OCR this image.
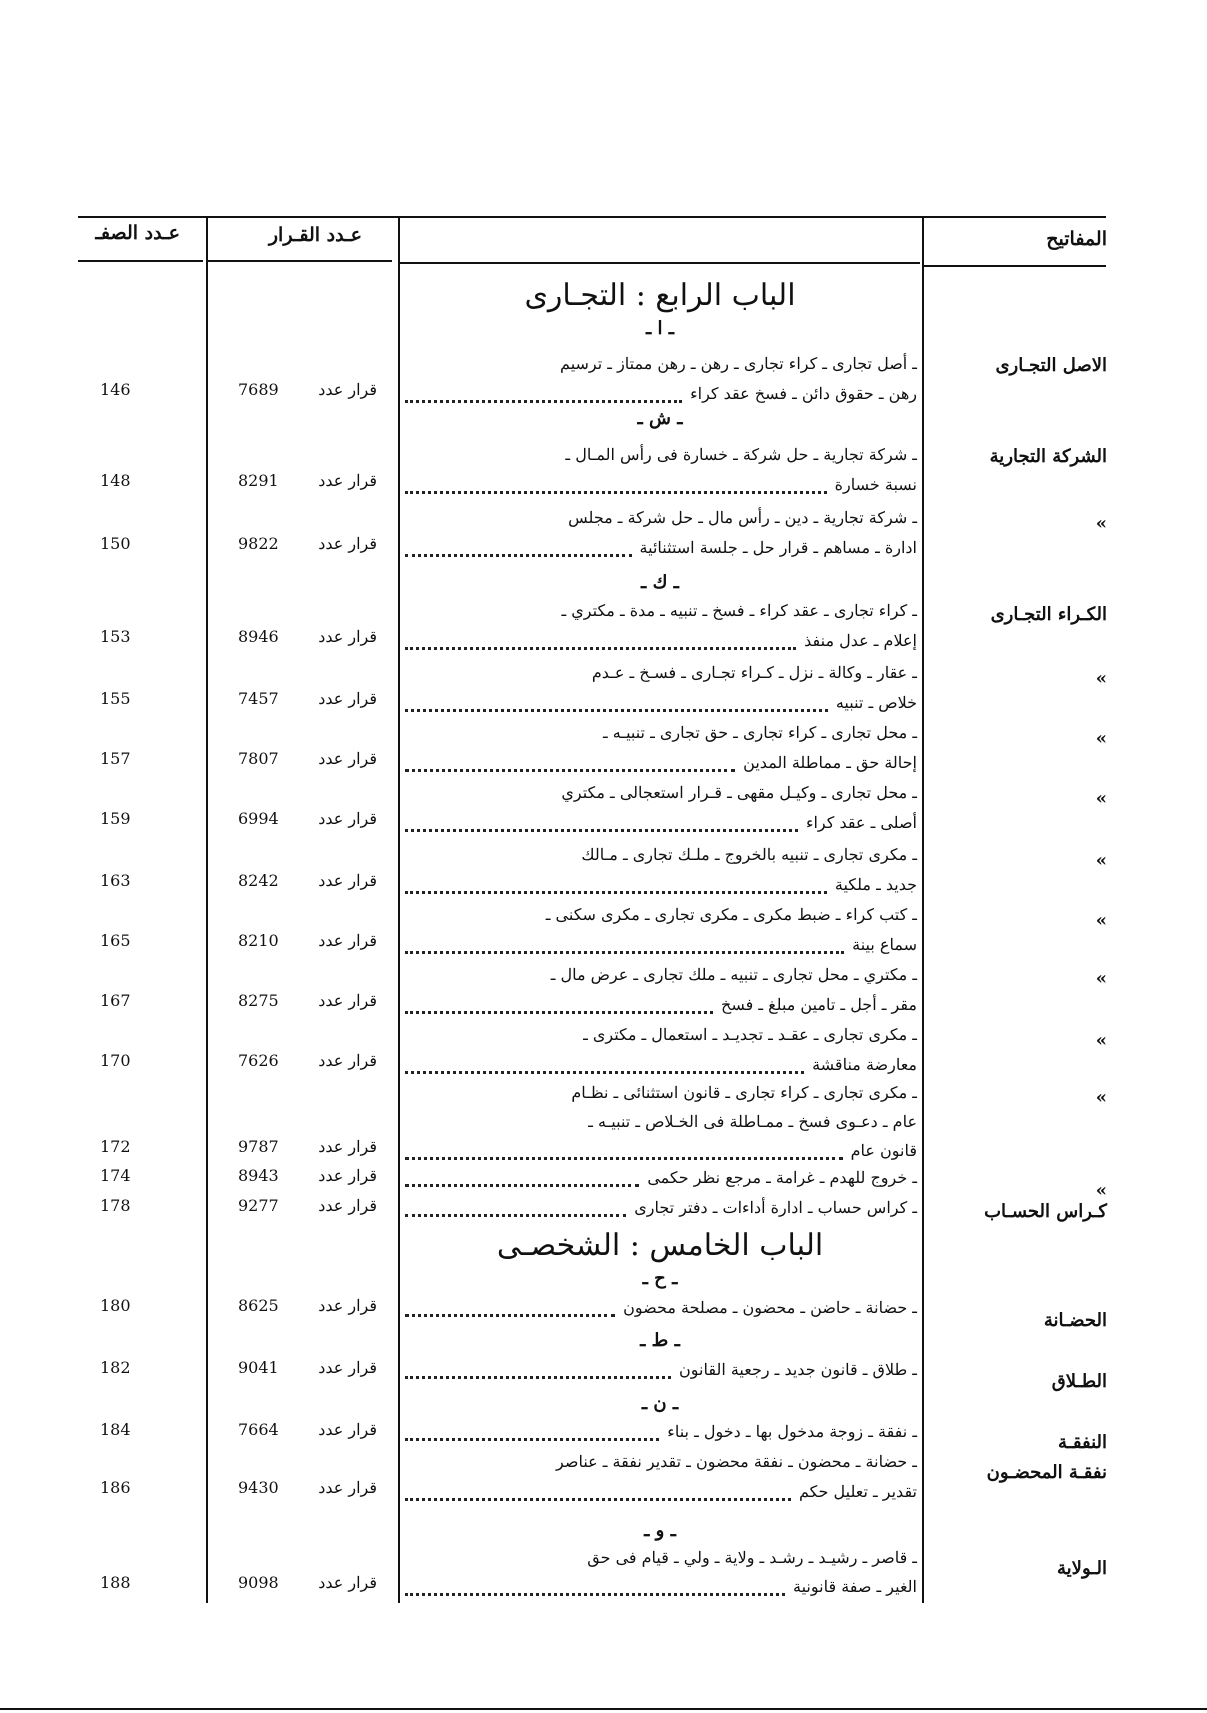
المفاتيح
عـدد القـرار
عـدد الصفـ
الباب الرابع : التجـارى
الباب الخامس : الشخصـى
ـ ا ـ
ـ ش ـ
ـ ك ـ
ـ ح ـ
ـ ط ـ
ـ ن ـ
ـ و ـ
الاصل التجـارى
ـ أصل تجارى ـ كراء تجارى ـ رهن ـ رهن ممتاز ـ ترسيم
رهن ـ حقوق دائن ـ فسخ عقد كراء
قرار عدد
7689
146
الشركة التجارية
ـ شركة تجارية ـ حل شركة ـ خسارة فى رأس المـال ـ
نسبة خسارة
قرار عدد
8291
148
»
ـ شركة تجارية ـ دين ـ رأس مال ـ حل شركة ـ مجلس
ادارة ـ مساهم ـ قرار حل ـ جلسة استثنائية
قرار عدد
9822
150
الكـراء التجـارى
ـ كراء تجارى ـ عقد كراء ـ فسخ ـ تنبيه ـ مدة ـ مكتري ـ
إعلام ـ عدل منفذ
قرار عدد
8946
153
»
ـ عقار ـ وكالة ـ نزل ـ كـراء تجـارى ـ فسـخ ـ عـدم
خلاص ـ تنبيه
قرار عدد
7457
155
»
ـ محل تجارى ـ كراء تجارى ـ حق تجارى ـ تنبيـه ـ
إحالة حق ـ مماطلة المدين
قرار عدد
7807
157
»
ـ محل تجارى ـ وكيـل مقهى ـ قـرار استعجالى ـ مكتري
أصلى ـ عقد كراء
قرار عدد
6994
159
»
ـ مكرى تجارى ـ تنبيه بالخروج ـ ملـك تجارى ـ مـالك
جديد ـ ملكية
قرار عدد
8242
163
»
ـ كتب كراء ـ ضبط مكرى ـ مكرى تجارى ـ مكرى سكنى ـ
سماع بينة
قرار عدد
8210
165
»
ـ مكتري ـ محل تجارى ـ تنبيه ـ ملك تجارى ـ عرض مال ـ
مقر ـ أجل ـ تامين مبلغ ـ فسخ
قرار عدد
8275
167
»
ـ مكرى تجارى ـ عقـد ـ تجديـد ـ استعمال ـ مكترى ـ
معارضة مناقشة
قرار عدد
7626
170
»
ـ مكرى تجارى ـ كراء تجارى ـ قانون استثنائى ـ نظـام
عام ـ دعـوى فسخ ـ ممـاطلة فى الخـلاص ـ تنبيـه ـ
قانون عام
قرار عدد
9787
172
»
ـ خروج للهدم ـ غرامة ـ مرجع نظر حكمى
قرار عدد
8943
174
كـراس الحسـاب
ـ كراس حساب ـ ادارة أداءات ـ دفتر تجارى
قرار عدد
9277
178
الحضـانة
ـ حضانة ـ حاضن ـ محضون ـ مصلحة محضون
قرار عدد
8625
180
الطـلاق
ـ طلاق ـ قانون جديد ـ رجعية القانون
قرار عدد
9041
182
النفقـة
ـ نفقة ـ زوجة مدخول بها ـ دخول ـ بناء
قرار عدد
7664
184
نفقـة المحضـون
ـ حضانة ـ محضون ـ نفقة محضون ـ تقدير نفقة ـ عناصر
تقدير ـ تعليل حكم
قرار عدد
9430
186
الـولاية
ـ قاصر ـ رشيـد ـ رشـد ـ ولاية ـ ولي ـ قيام فى حق
الغير ـ صفة قانونية
قرار عدد
9098
188
